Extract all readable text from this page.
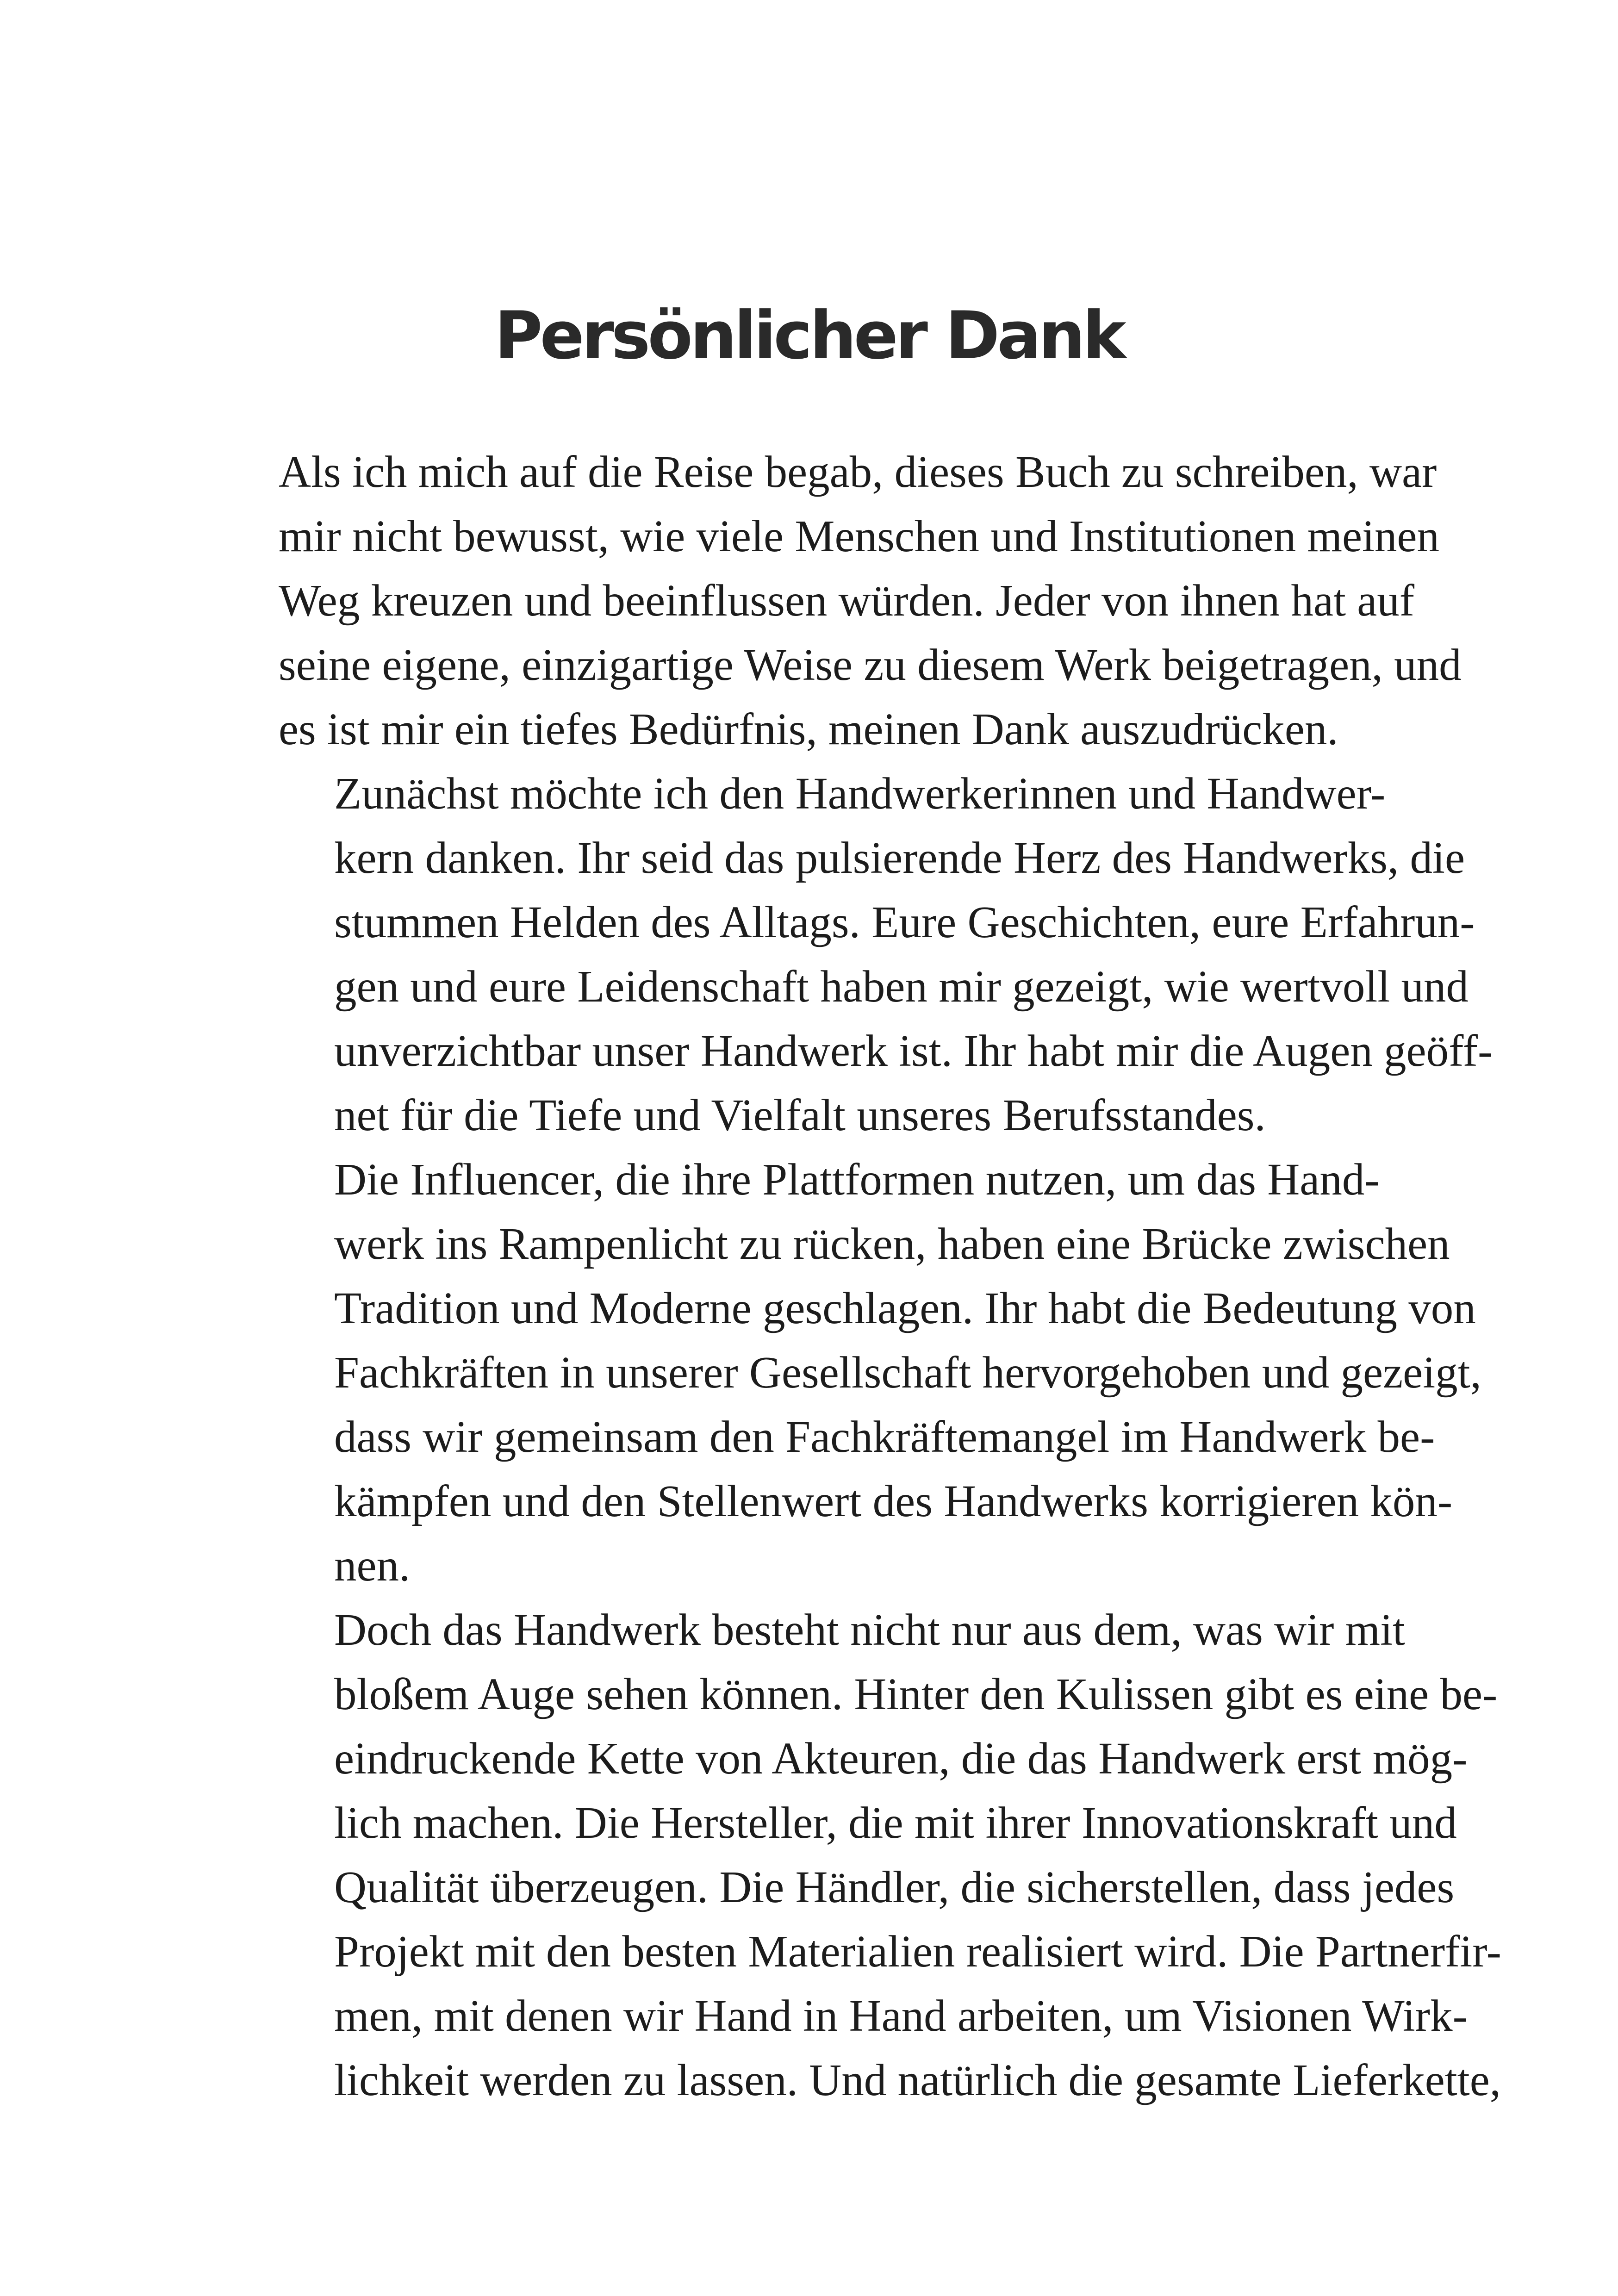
Persönlicher Dank

Als ich mich auf die Reise begab, dieses Buch zu schreiben, war
mir nicht bewusst, wie viele Menschen und Institutionen meinen
Weg kreuzen und beeinflussen würden. Jeder von ihnen hat auf
seine eigene, einzigartige Weise zu diesem Werk beigetragen, und
es ist mir ein tiefes Bedürfnis, meinen Dank auszudrücken.

Zunächst möchte ich den Handwerkerinnen und Handwer-
kern danken. Ihr seid das pulsierende Herz des Handwerks, die
stummen Helden des Alltags. Eure Geschichten, eure Erfahrun-
gen und eure Leidenschaft haben mir gezeigt, wie wertvoll und
unverzichtbar unser Handwerk ist. Ihr habt mir die Augen geöff-
net für die Tiefe und Vielfalt unseres Berufsstandes.

Die Influencer, die ihre Plattformen nutzen, um das Hand-
werk ins Rampenlicht zu rücken, haben eine Brücke zwischen
Tradition und Moderne geschlagen. Ihr habt die Bedeutung von
Fachkräften in unserer Gesellschaft hervorgehoben und gezeigt,
dass wir gemeinsam den Fachkräftemangel im Handwerk be-
kämpfen und den Stellenwert des Handwerks korrigieren kön-
nen.

Doch das Handwerk besteht nicht nur aus dem, was wir mit
bloßem Auge sehen können. Hinter den Kulissen gibt es eine be-
eindruckende Kette von Akteuren, die das Handwerk erst mög-
lich machen. Die Hersteller, die mit ihrer Innovationskraft und
Qualität überzeugen. Die Händler, die sicherstellen, dass jedes
Projekt mit den besten Materialien realisiert wird. Die Partnerfir-
men, mit denen wir Hand in Hand arbeiten, um Visionen Wirk-
lichkeit werden zu lassen. Und natürlich die gesamte Lieferkette,
